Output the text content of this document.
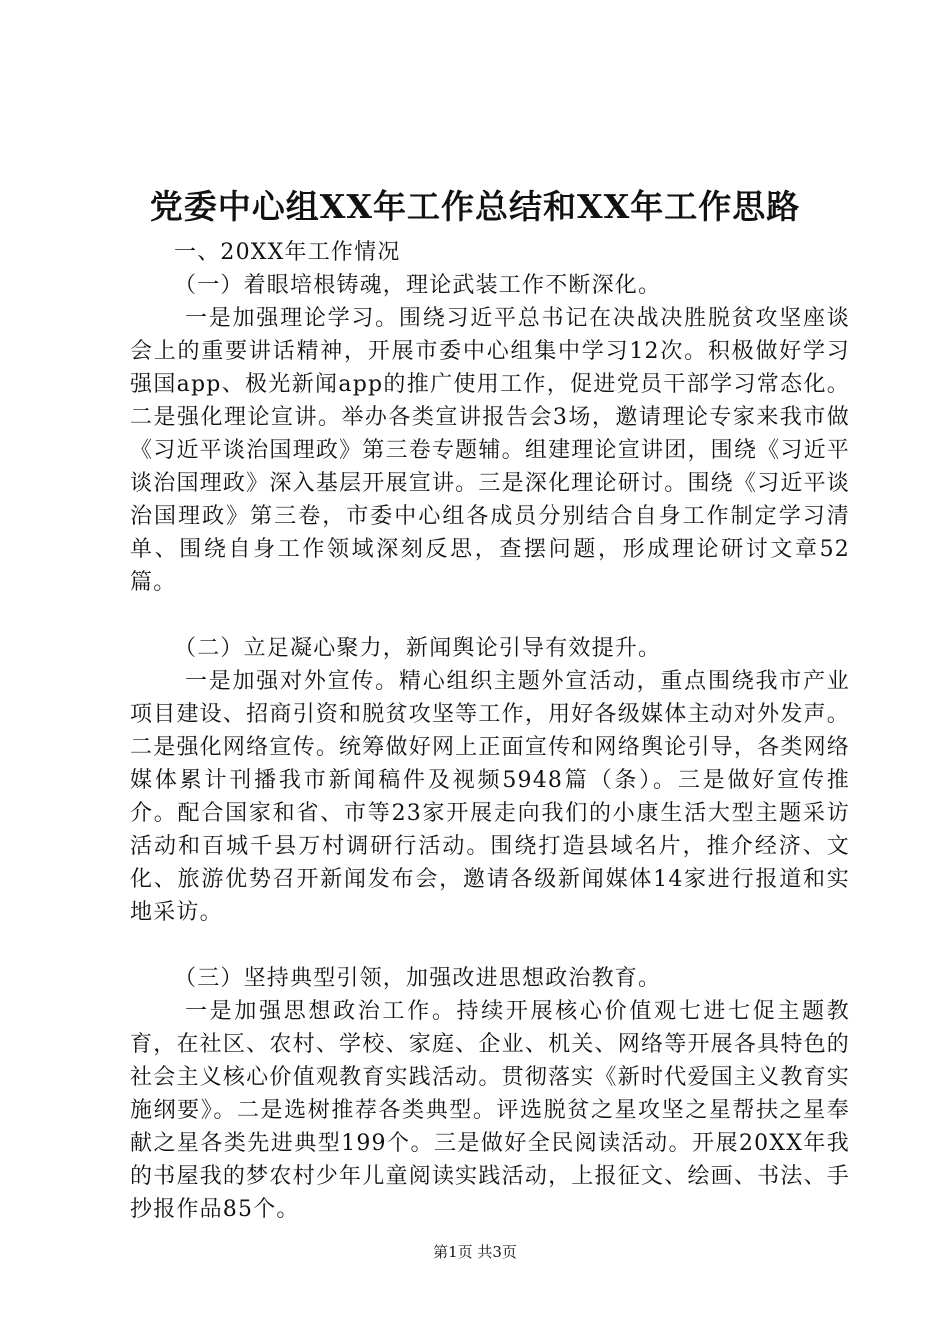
党委中心组XX年工作总结和XX年工作思路

一、20XX年工作情况

（一）着眼培根铸魂，理论武装工作不断深化。

一是加强理论学习。围绕习近平总书记在决战决胜脱贫攻坚座谈会上的重要讲话精神，开展市委中心组集中学习12次。积极做好学习强国app、极光新闻app的推广使用工作，促进党员干部学习常态化。二是强化理论宣讲。举办各类宣讲报告会3场，邀请理论专家来我市做《习近平谈治国理政》第三卷专题辅。组建理论宣讲团，围绕《习近平谈治国理政》深入基层开展宣讲。三是深化理论研讨。围绕《习近平谈治国理政》第三卷，市委中心组各成员分别结合自身工作制定学习清单、围绕自身工作领域深刻反思，查摆问题，形成理论研讨文章52篇。

（二）立足凝心聚力，新闻舆论引导有效提升。

一是加强对外宣传。精心组织主题外宣活动，重点围绕我市产业项目建设、招商引资和脱贫攻坚等工作，用好各级媒体主动对外发声。二是强化网络宣传。统筹做好网上正面宣传和网络舆论引导，各类网络媒体累计刊播我市新闻稿件及视频5948篇（条）。三是做好宣传推介。配合国家和省、市等23家开展走向我们的小康生活大型主题采访活动和百城千县万村调研行活动。围绕打造县域名片，推介经济、文化、旅游优势召开新闻发布会，邀请各级新闻媒体14家进行报道和实地采访。

（三）坚持典型引领，加强改进思想政治教育。

一是加强思想政治工作。持续开展核心价值观七进七促主题教育，在社区、农村、学校、家庭、企业、机关、网络等开展各具特色的社会主义核心价值观教育实践活动。贯彻落实《新时代爱国主义教育实施纲要》。二是选树推荐各类典型。评选脱贫之星攻坚之星帮扶之星奉献之星各类先进典型199个。三是做好全民阅读活动。开展20XX年我的书屋我的梦农村少年儿童阅读实践活动，上报征文、绘画、书法、手抄报作品85个。

第1页 共3页
